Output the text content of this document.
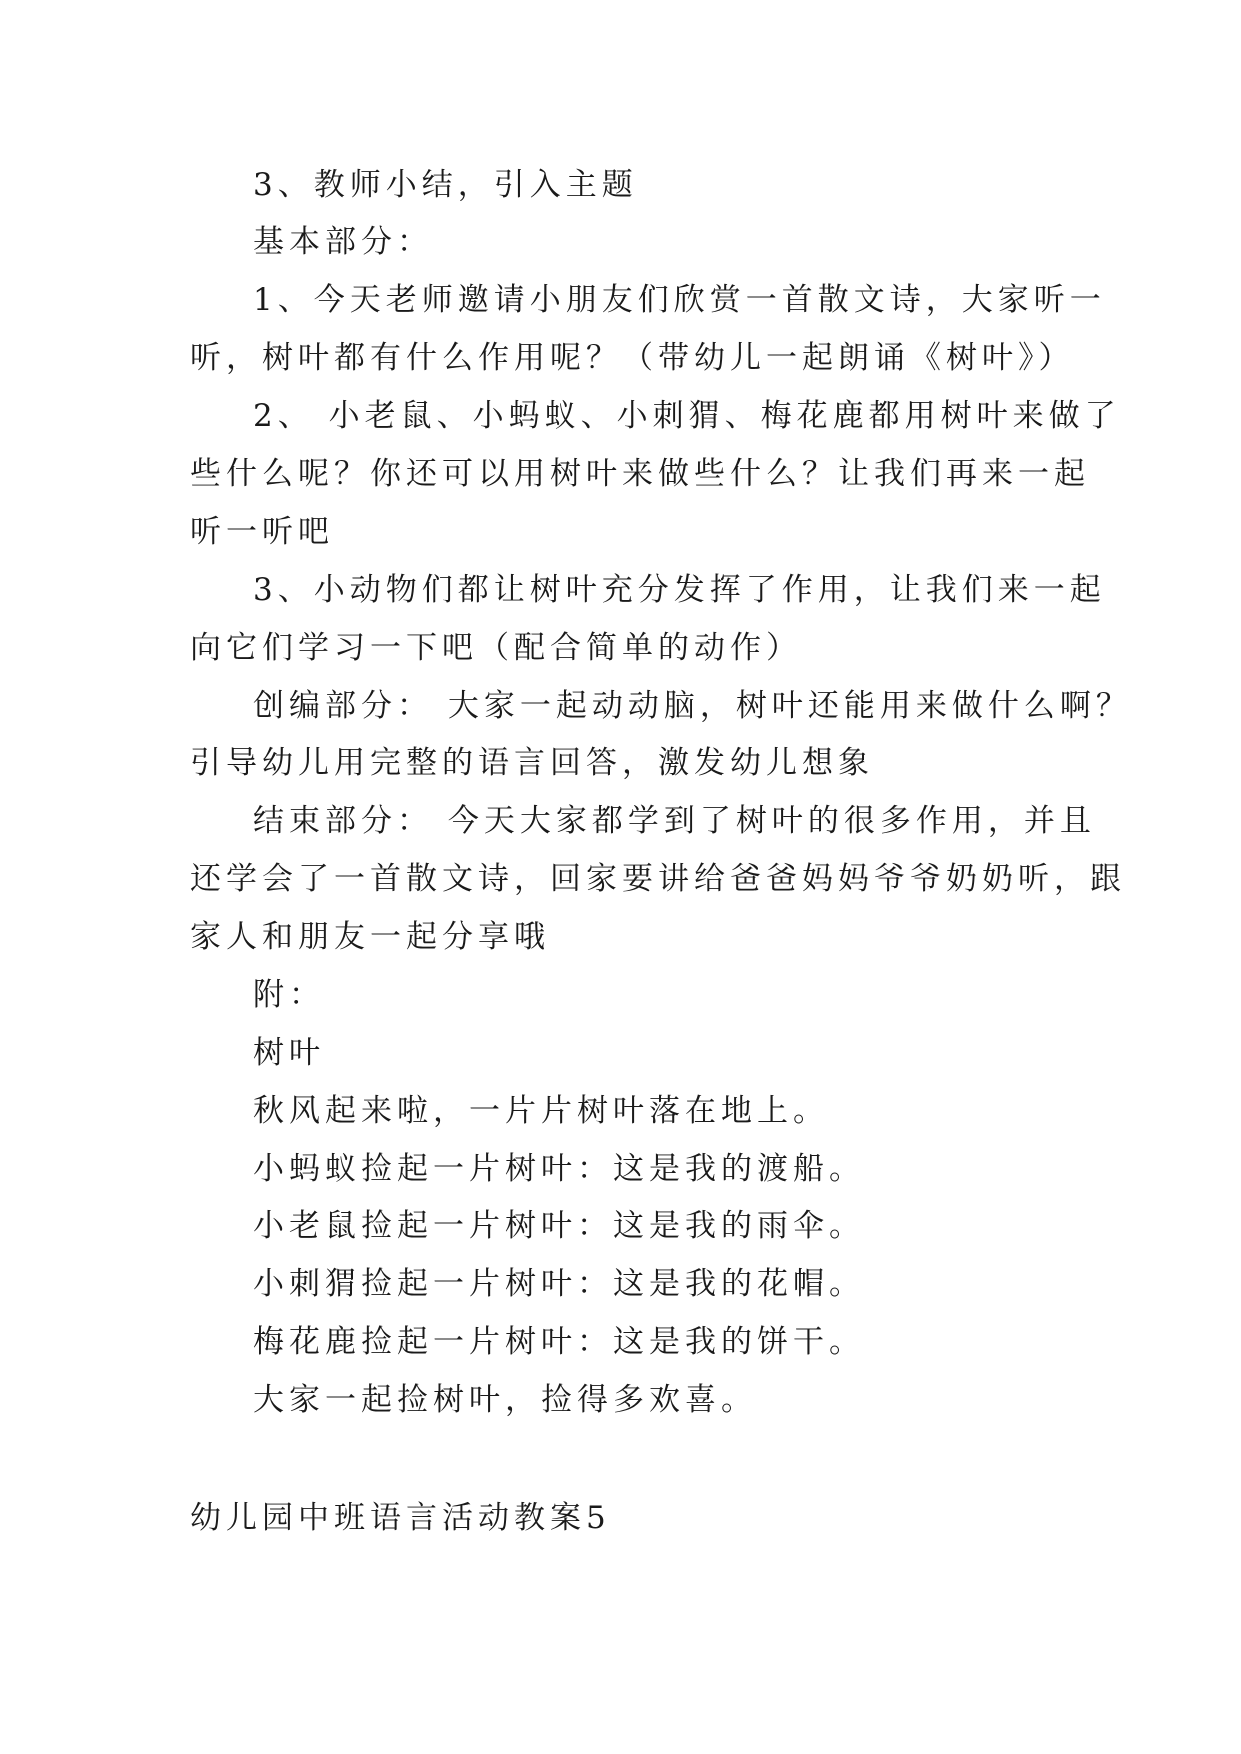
3、教师小结，引入主题
基本部分：
1、今天老师邀请小朋友们欣赏一首散文诗，大家听一
听，树叶都有什么作用呢？（带幼儿一起朗诵《树叶》）
2、 小老鼠、小蚂蚁、小刺猬、梅花鹿都用树叶来做了
些什么呢？你还可以用树叶来做些什么？让我们再来一起
听一听吧
3、小动物们都让树叶充分发挥了作用，让我们来一起
向它们学习一下吧（配合简单的动作）
创编部分： 大家一起动动脑，树叶还能用来做什么啊？
引导幼儿用完整的语言回答，激发幼儿想象
结束部分： 今天大家都学到了树叶的很多作用，并且
还学会了一首散文诗，回家要讲给爸爸妈妈爷爷奶奶听，跟
家人和朋友一起分享哦
附：
树叶
秋风起来啦，一片片树叶落在地上。
小蚂蚁捡起一片树叶：这是我的渡船。
小老鼠捡起一片树叶：这是我的雨伞。
小刺猬捡起一片树叶：这是我的花帽。
梅花鹿捡起一片树叶：这是我的饼干。
大家一起捡树叶，捡得多欢喜。
幼儿园中班语言活动教案5
